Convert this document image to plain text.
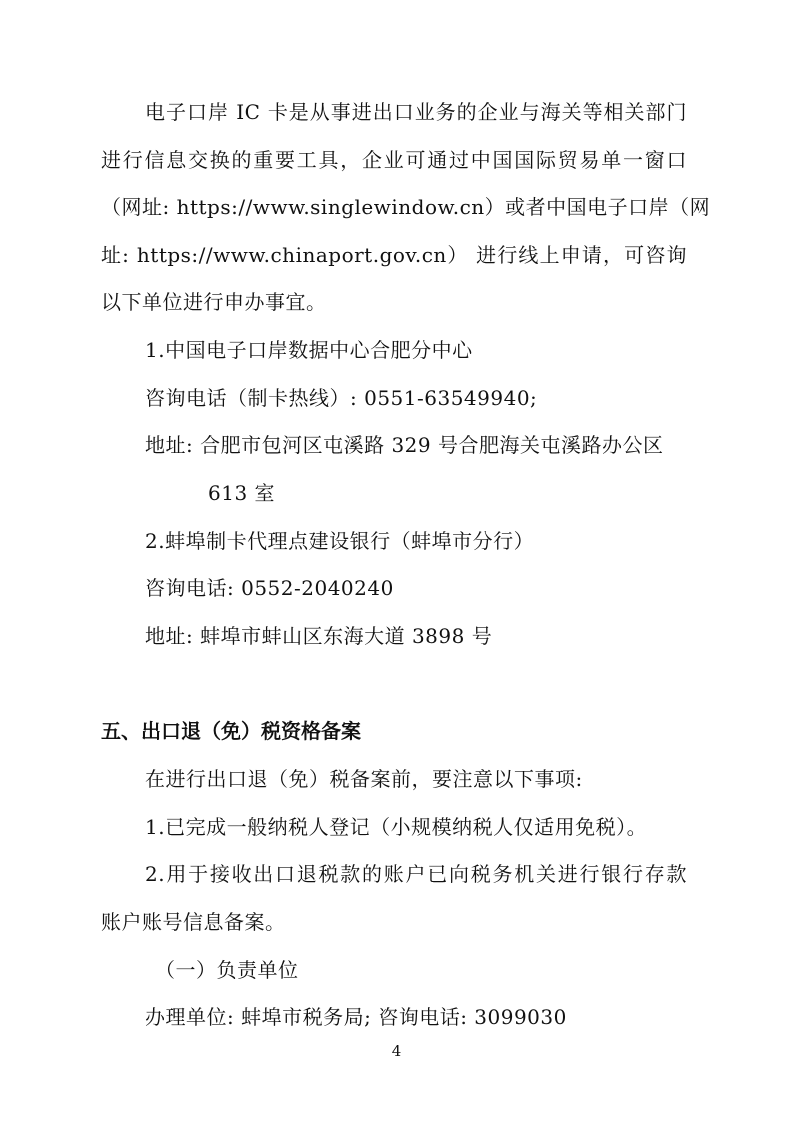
电子口岸 IC 卡是从事进出口业务的企业与海关等相关部门
进行信息交换的重要工具，企业可通过中国国际贸易单一窗口
（网址: https://www.singlewindow.cn）或者中国电子口岸（网
址: https://www.chinaport.gov.cn） 进行线上申请，可咨询
以下单位进行申办事宜。
1.中国电子口岸数据中心合肥分中心
咨询电话（制卡热线）: 0551-63549940;
地址: 合肥市包河区屯溪路 329 号合肥海关屯溪路办公区
613 室
2.蚌埠制卡代理点建设银行（蚌埠市分行）
咨询电话: 0552-2040240
地址: 蚌埠市蚌山区东海大道 3898 号
五、出口退（免）税资格备案
在进行出口退（免）税备案前，要注意以下事项:
1.已完成一般纳税人登记（小规模纳税人仅适用免税）。
2.用于接收出口退税款的账户已向税务机关进行银行存款
账户账号信息备案。
（一）负责单位
办理单位: 蚌埠市税务局; 咨询电话: 3099030
4
